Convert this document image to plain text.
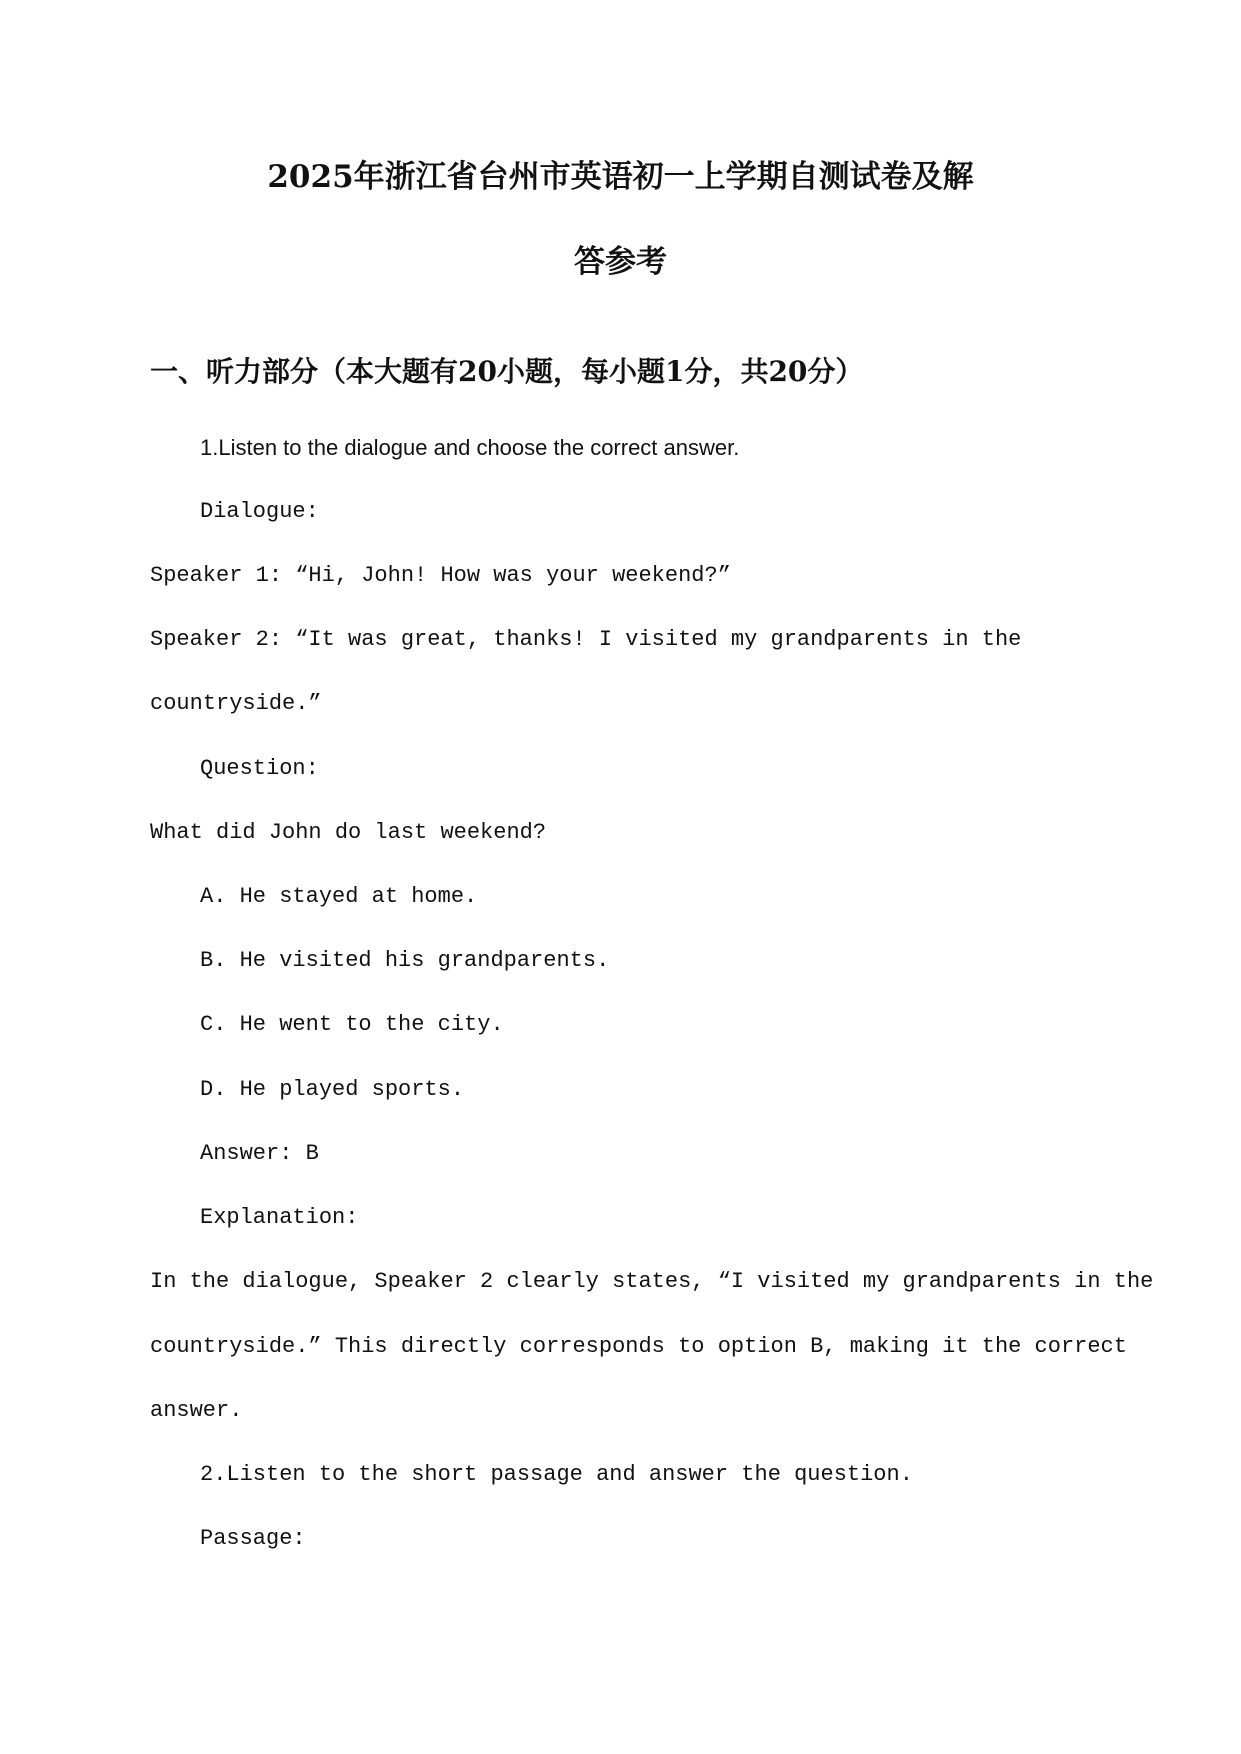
2025年浙江省台州市英语初一上学期自测试卷及解
答参考
一、听力部分（本大题有20小题，每小题1分，共20分）
1.Listen to the dialogue and choose the correct answer.
Dialogue:
Speaker 1: “Hi, John! How was your weekend?”
Speaker 2: “It was great, thanks! I visited my grandparents in the
countryside.”
Question:
What did John do last weekend?
A. He stayed at home.
B. He visited his grandparents.
C. He went to the city.
D. He played sports.
Answer: B
Explanation:
In the dialogue, Speaker 2 clearly states, “I visited my grandparents in the
countryside.” This directly corresponds to option B, making it the correct
answer.
2.Listen to the short passage and answer the question.
Passage:
